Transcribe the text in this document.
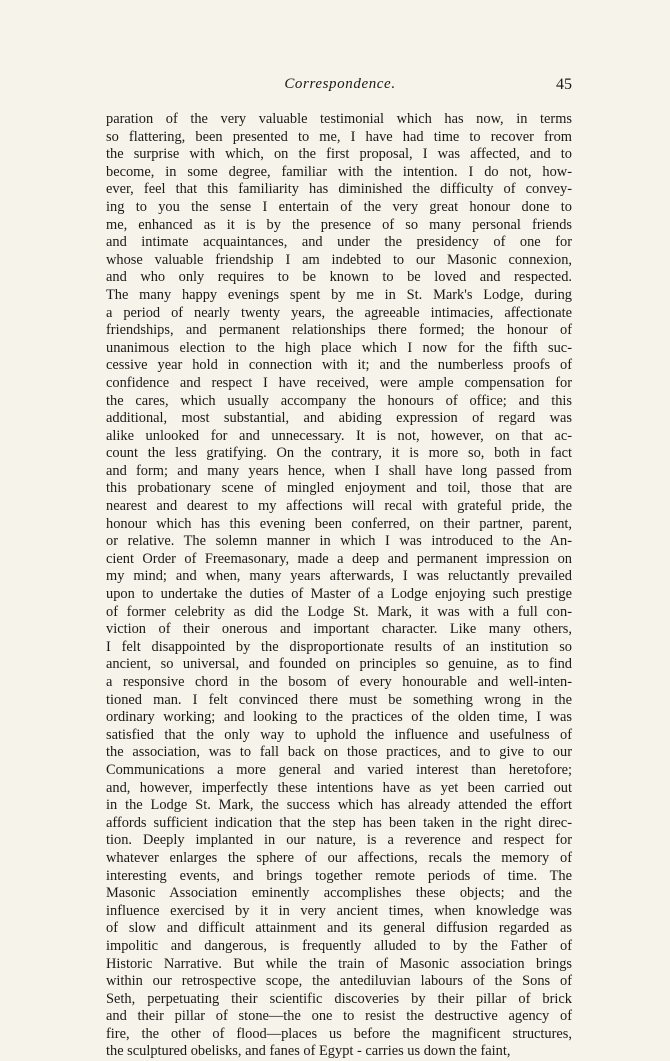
Correspondence.	45
paration of the very valuable testimonial which has now, in terms
so flattering, been presented to me, I have had time to recover from
the surprise with which, on the first proposal, I was affected, and to
become, in some degree, familiar with the intention. I do not, how-
ever, feel that this familiarity has diminished the difficulty of convey-
ing to you the sense I entertain of the very great honour done to
me, enhanced as it is by the presence of so many personal friends
and intimate acquaintances, and under the presidency of one for
whose valuable friendship I am indebted to our Masonic connexion,
and who only requires to be known to be loved and respected.
The many happy evenings spent by me in St. Mark's Lodge, during
a period of nearly twenty years, the agreeable intimacies, affectionate
friendships, and permanent relationships there formed; the honour of
unanimous election to the high place which I now for the fifth suc-
cessive year hold in connection with it; and the numberless proofs of
confidence and respect I have received, were ample compensation for
the cares, which usually accompany the honours of office; and this
additional, most substantial, and abiding expression of regard was
alike unlooked for and unnecessary. It is not, however, on that ac-
count the less gratifying. On the contrary, it is more so, both in fact
and form; and many years hence, when I shall have long passed from
this probationary scene of mingled enjoyment and toil, those that are
nearest and dearest to my affections will recal with grateful pride, the
honour which has this evening been conferred, on their partner, parent,
or relative. The solemn manner in which I was introduced to the An-
cient Order of Freemasonary, made a deep and permanent impression on
my mind; and when, many years afterwards, I was reluctantly prevailed
upon to undertake the duties of Master of a Lodge enjoying such prestige
of former celebrity as did the Lodge St. Mark, it was with a full con-
viction of their onerous and important character. Like many others,
I felt disappointed by the disproportionate results of an institution so
ancient, so universal, and founded on principles so genuine, as to find
a responsive chord in the bosom of every honourable and well-inten-
tioned man. I felt convinced there must be something wrong in the
ordinary working; and looking to the practices of the olden time, I was
satisfied that the only way to uphold the influence and usefulness of
the association, was to fall back on those practices, and to give to our
Communications a more general and varied interest than heretofore;
and, however, imperfectly these intentions have as yet been carried out
in the Lodge St. Mark, the success which has already attended the effort
affords sufficient indication that the step has been taken in the right direc-
tion. Deeply implanted in our nature, is a reverence and respect for
whatever enlarges the sphere of our affections, recals the memory of
interesting events, and brings together remote periods of time. The
Masonic Association eminently accomplishes these objects; and the
influence exercised by it in very ancient times, when knowledge was
of slow and difficult attainment and its general diffusion regarded as
impolitic and dangerous, is frequently alluded to by the Father of
Historic Narrative. But while the train of Masonic association brings
within our retrospective scope, the antediluvian labours of the Sons of
Seth, perpetuating their scientific discoveries by their pillar of brick
and their pillar of stone—the one to resist the destructive agency of
fire, the other of flood—places us before the magnificent structures,
the sculptured obelisks, and fanes of Egypt - carries us down the faint,
